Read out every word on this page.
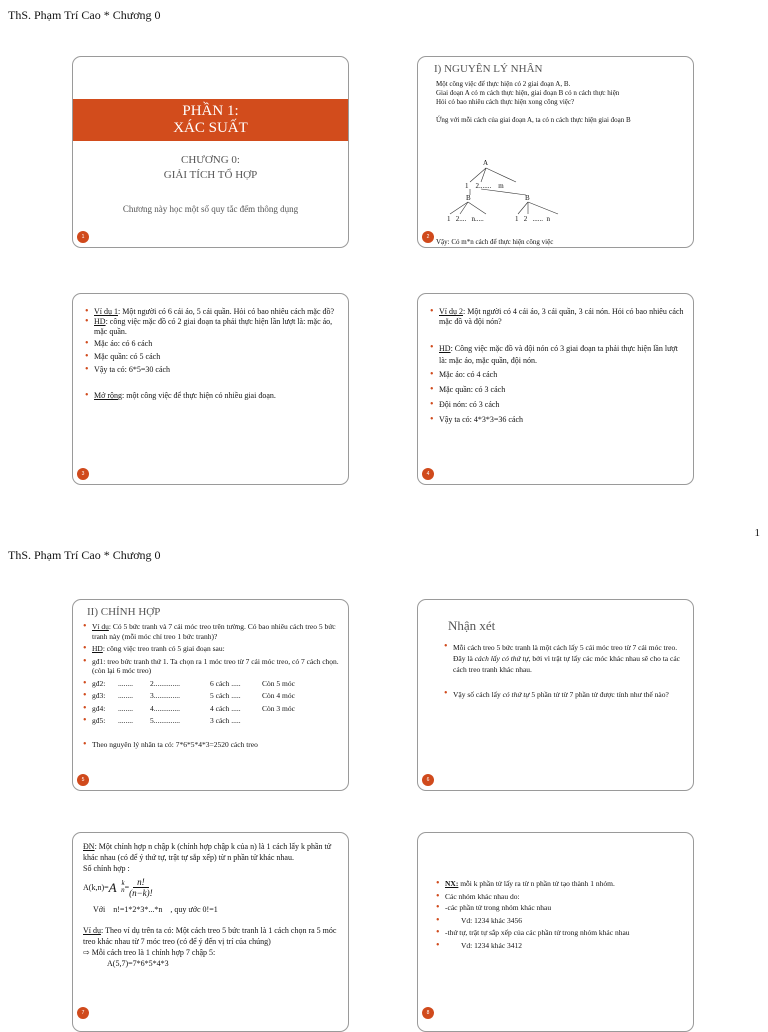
ThS. Phạm Trí Cao * Chương 0
1
PHẦN 1:
XÁC SUẤT
CHƯƠNG 0:
GIẢI TÍCH TỔ HỢP
Chương này học một số quy tắc đếm thông dụng
1
I) NGUYÊN LÝ NHÂN
Một công việc để thực hiện có 2 giai đoạn A, B.
Giai đoạn A có m cách thực hiện, giai đoạn B có n cách thực hiện
Hỏi có bao nhiêu cách thực hiện xong công việc?
Ứng với mỗi cách của giai đoạn A, ta có n cách thực hiện giai đoạn B
A
1    2.......    m
B	B
1   2....   n.....	1   2   ......  n
Vậy: Có m*n cách để thực hiện công việc
2
• Ví dụ 1: Một người có 6 cái áo, 5 cái quần. Hỏi có bao nhiêu cách mặc đồ?
• HD: công việc mặc đồ có 2 giai đoạn ta phải thực hiện lần lượt là: mặc áo, mặc quần.
• Mặc áo: có 6 cách
• Mặc quần: có 5 cách
• Vậy ta có: 6*5=30 cách
• Mở rộng: một công việc để thực hiện có nhiều giai đoạn.
3
• Ví dụ 2: Một người có 4 cái áo, 3 cái quần, 3 cái nón. Hỏi có bao nhiêu cách mặc đồ và đội nón?
• HD: Công việc mặc đồ và đội nón có 3 giai đoạn ta phải thực hiện lần lượt là: mặc áo, mặc quần, đội nón.
• Mặc áo: có 4 cách
• Mặc quần: có 3 cách
• Đội nón: có 3 cách
• Vậy ta có: 4*3*3=36 cách
4
ThS. Phạm Trí Cao * Chương 0
II) CHỈNH HỢP
• Ví dụ: Có 5 bức tranh và 7 cái móc treo trên tường. Có bao nhiêu cách treo 5 bức tranh này (mỗi móc chỉ treo 1 bức tranh)?
• HD: công việc treo tranh có 5 giai đoạn sau:
• gđ1: treo bức tranh thứ 1. Ta chọn ra 1 móc treo từ 7 cái móc treo, có 7 cách chọn. (còn lại 6 móc treo)
• gđ2:	........	2..............	6 cách .....	Còn 5 móc
• gđ3:	........	3..............	5 cách .....	Còn 4 móc
• gđ4:	........	4..............	4 cách .....	Còn 3 móc
• gđ5:	........	5..............	3 cách .....
• Theo nguyên lý nhân ta có: 7*6*5*4*3=2520 cách treo
5
Nhận xét
• Mỗi cách treo 5 bức tranh là một cách lấy 5 cái móc treo từ 7 cái móc treo. Đây là cách lấy có thứ tự, bởi vì trật tự lấy các móc khác nhau sẽ cho ta các cách treo tranh khác nhau.
• Vậy số cách lấy có thứ tự 5 phần tử từ 7 phần tử được tính như thế nào?
6
ĐN: Một chỉnh hợp n chập k (chỉnh hợp chập k của n) là 1 cách lấy k phần tử khác nhau (có để ý thứ tự, trật tự sắp xếp) từ n phần tử khác nhau.
Số chỉnh hợp :
A(k,n)= A k
$n = \frac{n!}{(n-k)!}$
Với    n!=1*2*3*...*n    , quy ước 0!=1
Ví dụ: Theo ví dụ trên ta có: Một cách treo 5 bức tranh là 1 cách chọn ra 5 móc treo khác nhau từ 7 móc treo (có để ý đến vị trí của chúng)
⇨ Mỗi cách treo là 1 chỉnh hợp 7 chập 5:
A(5,7)=7*6*5*4*3
7
• NX: mỗi k phần tử lấy ra từ n phần tử tạo thành 1 nhóm.
• Các nhóm khác nhau do:
• -các phần tử trong nhóm khác nhau
• Vd: 1234 khác 3456
• -thứ tự, trật tự sắp xếp của các phần tử trong nhóm khác nhau
• Vd: 1234 khác 3412
8
